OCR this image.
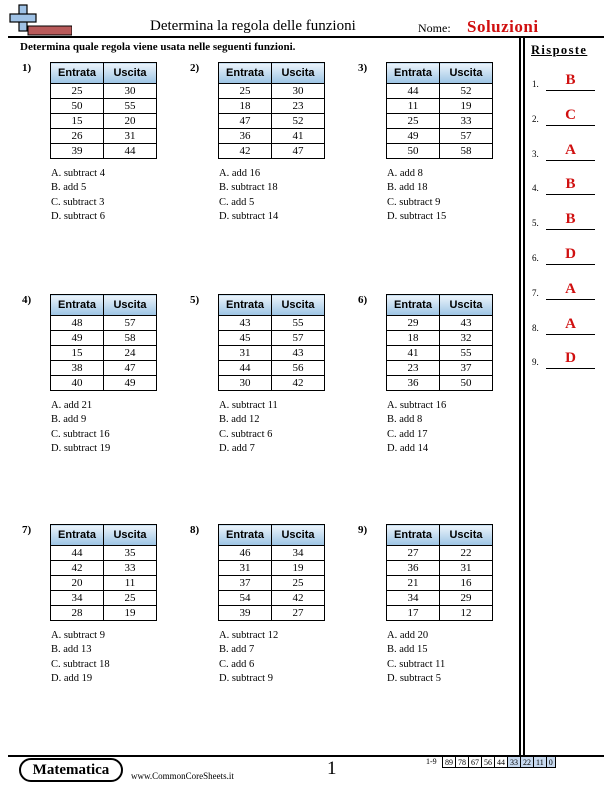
Determina la regola delle funzioni	Nome: Soluzioni
Determina quale regola viene usata nelle seguenti funzioni.	Risposte
1.	B
2.	C
3.	A
4.	B
5.	B
6.	D
7.	A
8.	A
9.	D
1) Entrata	Uscita
25	30
50	55
15	20
26	31
39	44
A. subtract 4
B. add 5
C. subtract 3
D. subtract 6
2) Entrata	Uscita
25	30
18	23
47	52
36	41
42	47
A. add 16
B. subtract 18
C. add 5
D. subtract 14
3) Entrata	Uscita
44	52
11	19
25	33
49	57
50	58
A. add 8
B. add 18
C. subtract 9
D. subtract 15
4) Entrata	Uscita
48	57
49	58
15	24
38	47
40	49
A. add 21
B. add 9
C. subtract 16
D. subtract 19
5) Entrata	Uscita
43	55
45	57
31	43
44	56
30	42
A. subtract 11
B. add 12
C. subtract 6
D. add 7
6) Entrata	Uscita
29	43
18	32
41	55
23	37
36	50
A. subtract 16
B. add 8
C. add 17
D. add 14
7) Entrata	Uscita
44	35
42	33
20	11
34	25
28	19
A. subtract 9
B. add 13
C. subtract 18
D. add 19
8) Entrata	Uscita
46	34
31	19
37	25
54	42
39	27
A. subtract 12
B. add 7
C. add 6
D. subtract 9
9) Entrata	Uscita
27	22
36	31
21	16
34	29
17	12
A. add 20
B. add 15
C. subtract 11
D. subtract 5
Matematica	www.CommonCoreSheets.it	1	1-9 89	78	67	56	44	33	22	11	0
